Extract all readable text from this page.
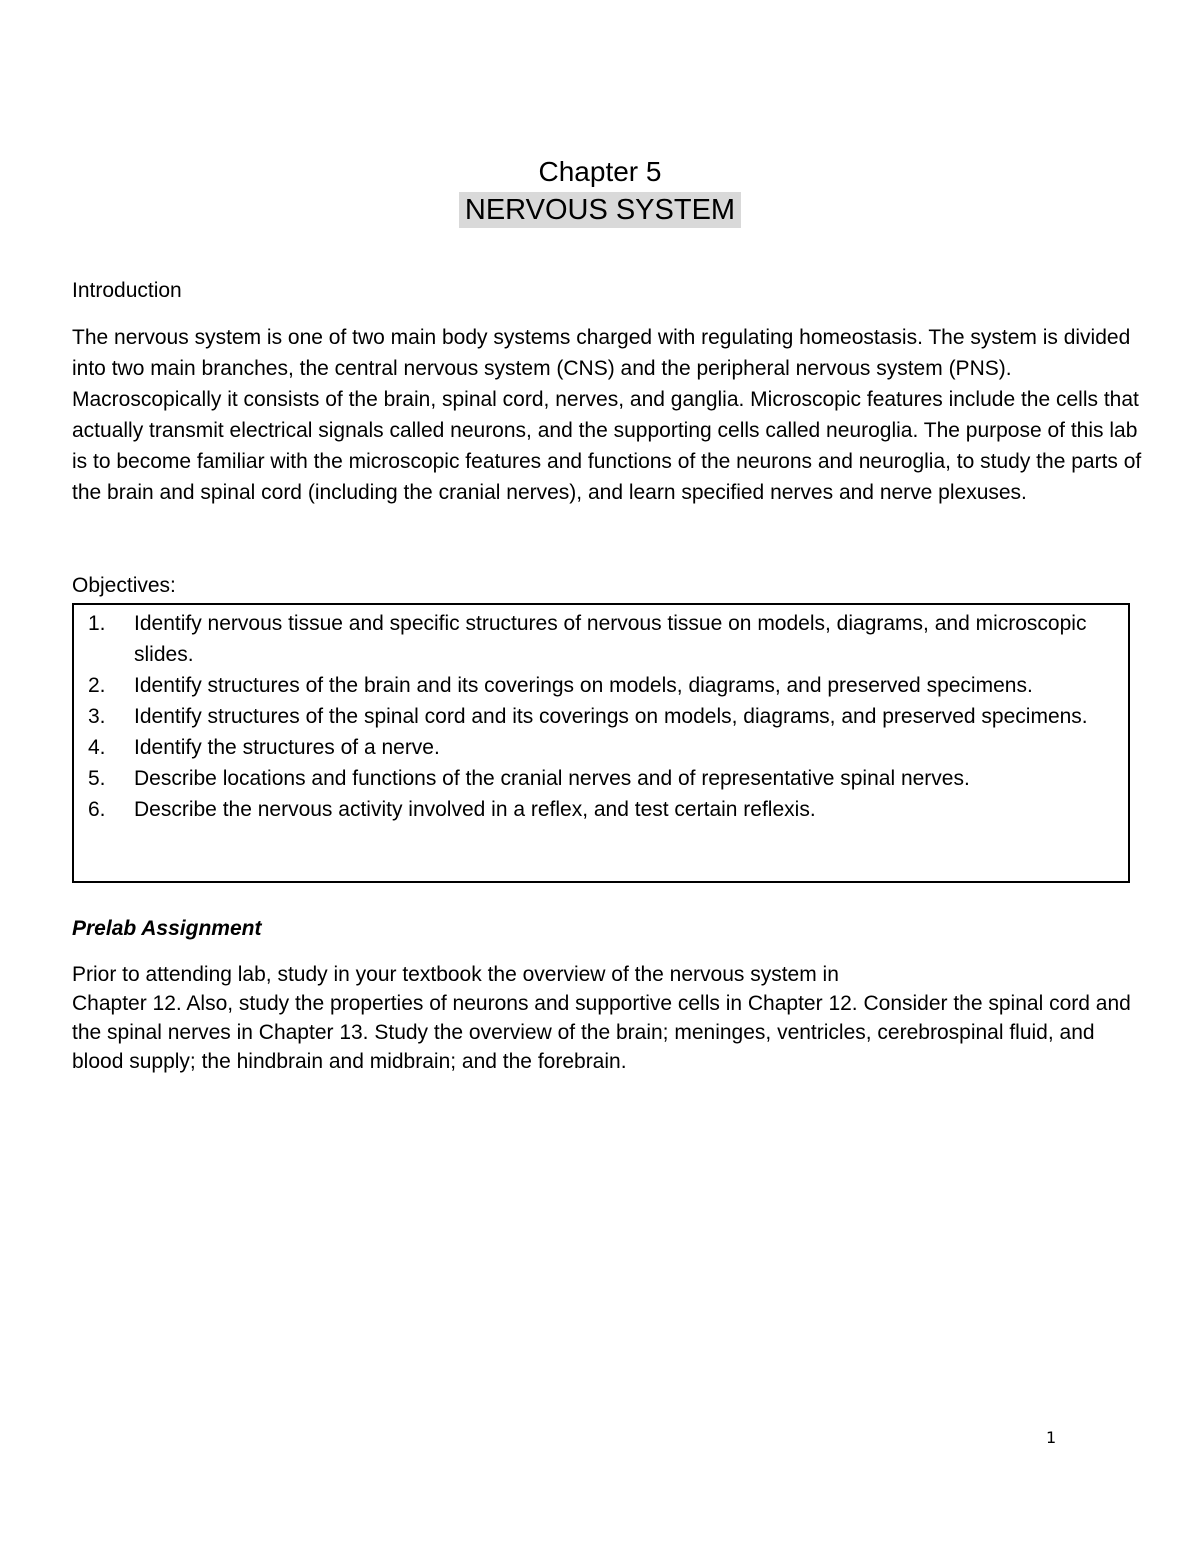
Chapter 5
NERVOUS SYSTEM
Introduction

The nervous system is one of two main body systems charged with regulating homeostasis. The system is divided into two main branches, the central nervous system (CNS) and the peripheral nervous system (PNS). Macroscopically it consists of the brain, spinal cord, nerves, and ganglia. Microscopic features include the cells that actually transmit electrical signals called neurons, and the supporting cells called neuroglia. The purpose of this lab is to become familiar with the microscopic features and functions of the neurons and neuroglia, to study the parts of the brain and spinal cord (including the cranial nerves), and learn specified nerves and nerve plexuses.

Objectives:
1.	Identify nervous tissue and specific structures of nervous tissue on models, diagrams, and microscopic slides.
2.	Identify structures of the brain and its coverings on models, diagrams, and preserved specimens.
3.	Identify structures of the spinal cord and its coverings on models, diagrams, and preserved specimens.
4.	Identify the structures of a nerve.
5.	Describe locations and functions of the cranial nerves and of representative spinal nerves.
6.	Describe the nervous activity involved in a reflex, and test certain reflexis.
Prelab Assignment

Prior to attending lab, study in your textbook the overview of the nervous system in
Chapter 12. Also, study the properties of neurons and supportive cells in Chapter 12. Consider the spinal cord and the spinal nerves in Chapter 13. Study the overview of the brain; meninges, ventricles, cerebrospinal fluid, and blood supply; the hindbrain and midbrain; and the forebrain.

1
